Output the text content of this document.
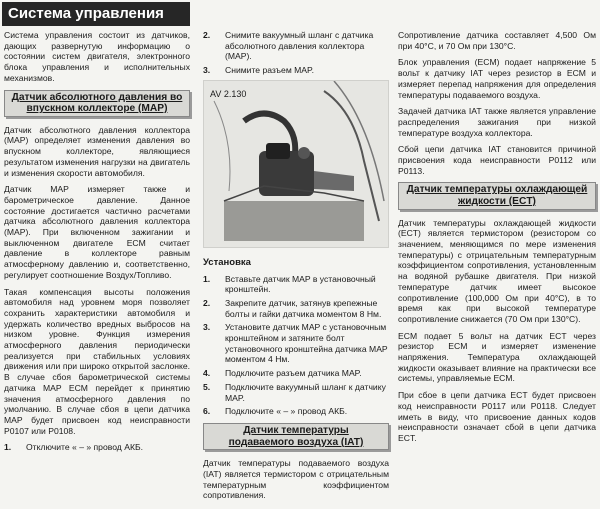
Система управления

Система управления состоит из датчиков, дающих развернутую информацию о состоянии систем двигателя, электронного блока управления и исполнительных механизмов.

Датчик абсолютного давления во впускном коллекторе (MAP)

Датчик абсолютного давления коллектора (MAP) определяет изменения давления во впускном коллекторе, являющиеся результатом изменения нагрузки на двигатель и изменения скорости автомобиля.

Датчик MAP измеряет также и барометрическое давление. Данное состояние достигается частично расчетами датчика абсолютного давления коллектора (MAP). При включенном зажигании и выключенном двигателе ECM считает давление в коллекторе равным атмосферному давлению и, соответственно, регулирует соотношение Воздух/Топливо.

Такая компенсация высоты положения автомобиля над уровнем моря позволяет сохранить характеристики автомобиля и удержать количество вредных выбросов на низком уровне. Функция измерения атмосферного давления периодически реализуется при стабильных условиях движения или при широко открытой заслонке. В случае сбоя барометрической системы датчика MAP ECM перейдет к принятию значения атмосферного давления по умолчанию. В случае сбоя в цепи датчика MAP будет присвоен код неисправности P0107 или P0108.

1.	Отключите « – » провод АКБ.
2.	Снимите вакуумный шланг с датчика абсолютного давления коллектора (MAP).
3.	Снимите разъем MAP.
AV 2.130
Установка
1.	Вставьте датчик MAP в установочный кронштейн.
2.	Закрепите датчик, затянув крепежные болты и гайки датчика моментом 8 Нм.
3.	Установите датчик MAP с установочным кронштейном и затяните болт установочного кронштейна датчика MAP моментом 4 Нм.
4.	Подключите разъем датчика MAP.
5.	Подключите вакуумный шланг к датчику MAP.
6.	Подключите « – » провод АКБ.
Датчик температуры подаваемого воздуха (IAT)

Датчик температуры подаваемого воздуха (IAT) является термистором с отрицательным температурным коэффициентом сопротивления.

Сопротивление датчика составляет 4,500 Ом при 40°C, и 70 Ом при 130°C.

Блок управления (ECM) подает напряжение 5 вольт к датчику IAT через резистор в ECM и измеряет перепад напряжения для определения температуры подаваемого воздуха.

Задачей датчика IAT также является управление распределения зажигания при низкой температуре воздуха коллектора.

Сбой цепи датчика IAT становится причиной присвоения кода неисправности P0112 или P0113.

Датчик температуры охлаждающей жидкости (ECT)

Датчик температуры охлаждающей жидкости (ECT) является термистором (резистором со значением, меняющимся по мере изменения температуры) с отрицательным температурным коэффициентом сопротивления, установленным на водяной рубашке двигателя. При низкой температуре датчик имеет высокое сопротивление (100,000 Ом при 40°C), в то время как при высокой температуре сопротивление снижается (70 Ом при 130°C).

ECM подает 5 вольт на датчик ECT через резистор ECM и измеряет изменение напряжения. Температура охлаждающей жидкости оказывает влияние на практически все системы, управляемые ECM.

При сбое в цепи датчика ECT будет присвоен код неисправности P0117 или P0118. Следует иметь в виду, что присвоение данных кодов неисправности означает сбой в цепи датчика ECT.
